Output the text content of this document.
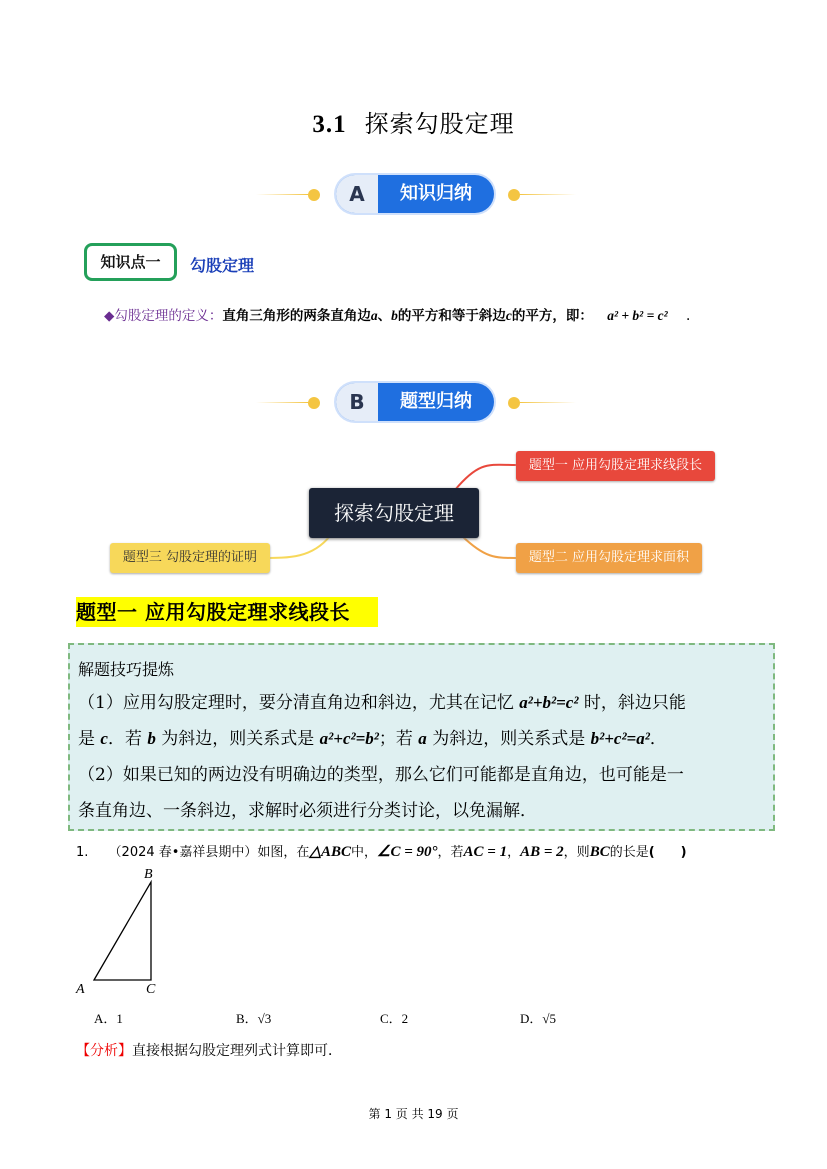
3.1 探索勾股定理
A	知识归纳
知识点一	勾股定理
◆勾股定理的定义：直角三角形的两条直角边a、b的平方和等于斜边c的平方，即： a² + b² = c² .
B	题型归纳
探索勾股定理
题型一 应用勾股定理求线段长
题型二 应用勾股定理求面积
题型三 勾股定理的证明
题型一 应用勾股定理求线段长
解题技巧提炼
（1）应用勾股定理时，要分清直角边和斜边，尤其在记忆 a²+b²=c² 时，斜边只能
是 c．若 b 为斜边，则关系式是 a²+c²=b²；若 a 为斜边，则关系式是 b²+c²=a²．
（2）如果已知的两边没有明确边的类型，那么它们可能都是直角边，也可能是一
条直角边、一条斜边，求解时必须进行分类讨论，以免漏解．
1. （2024 春•嘉祥县期中）如图，在△ABC中，∠C = 90°，若AC = 1，AB = 2，则BC的长是(　　)
B
A	C
A．1	B．√3	C．2	D．√5
【分析】直接根据勾股定理列式计算即可．
第 1 页 共 19 页
